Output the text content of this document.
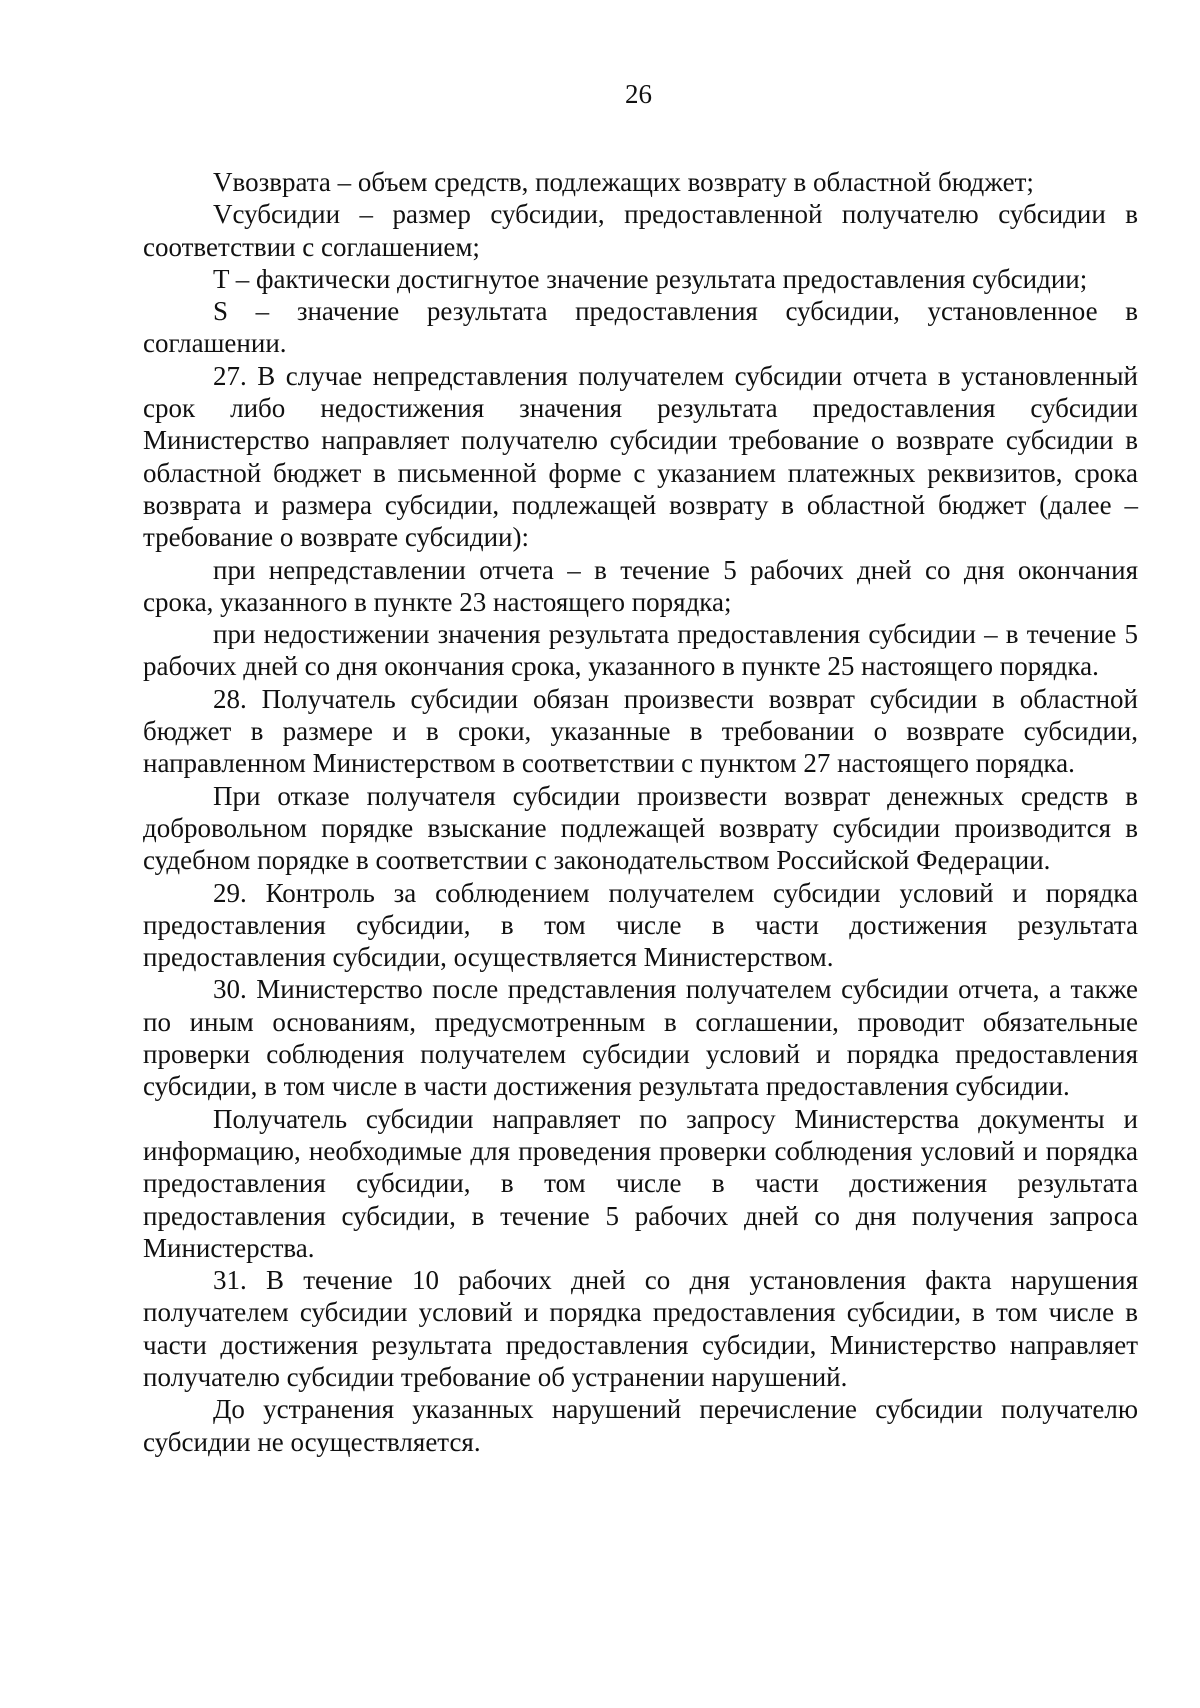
26

Vвозврата – объем средств, подлежащих возврату в областной бюджет;

Vсубсидии – размер субсидии, предоставленной получателю субсидии в соответствии с соглашением;

T – фактически достигнутое значение результата предоставления субсидии;

S – значение результата предоставления субсидии, установленное в соглашении.

27. В случае непредставления получателем субсидии отчета в установленный срок либо недостижения значения результата предоставления субсидии Министерство направляет получателю субсидии требование о возврате субсидии в областной бюджет в письменной форме с указанием платежных реквизитов, срока возврата и размера субсидии, подлежащей возврату в областной бюджет (далее – требование о возврате субсидии):

при непредставлении отчета – в течение 5 рабочих дней со дня окончания срока, указанного в пункте 23 настоящего порядка;

при недостижении значения результата предоставления субсидии – в течение 5 рабочих дней со дня окончания срока, указанного в пункте 25 настоящего порядка.

28. Получатель субсидии обязан произвести возврат субсидии в областной бюджет в размере и в сроки, указанные в требовании о возврате субсидии, направленном Министерством в соответствии с пунктом 27 настоящего порядка.

При отказе получателя субсидии произвести возврат денежных средств в добровольном порядке взыскание подлежащей возврату субсидии производится в судебном порядке в соответствии с законодательством Российской Федерации.

29. Контроль за соблюдением получателем субсидии условий и порядка предоставления субсидии, в том числе в части достижения результата предоставления субсидии, осуществляется Министерством.

30. Министерство после представления получателем субсидии отчета, а также по иным основаниям, предусмотренным в соглашении, проводит обязательные проверки соблюдения получателем субсидии условий и порядка предоставления субсидии, в том числе в части достижения результата предоставления субсидии.

Получатель субсидии направляет по запросу Министерства документы и информацию, необходимые для проведения проверки соблюдения условий и порядка предоставления субсидии, в том числе в части достижения результата предоставления субсидии, в течение 5 рабочих дней со дня получения запроса Министерства.

31. В течение 10 рабочих дней со дня установления факта нарушения получателем субсидии условий и порядка предоставления субсидии, в том числе в части достижения результата предоставления субсидии, Министерство направляет получателю субсидии требование об устранении нарушений.

До устранения указанных нарушений перечисление субсидии получателю субсидии не осуществляется.
